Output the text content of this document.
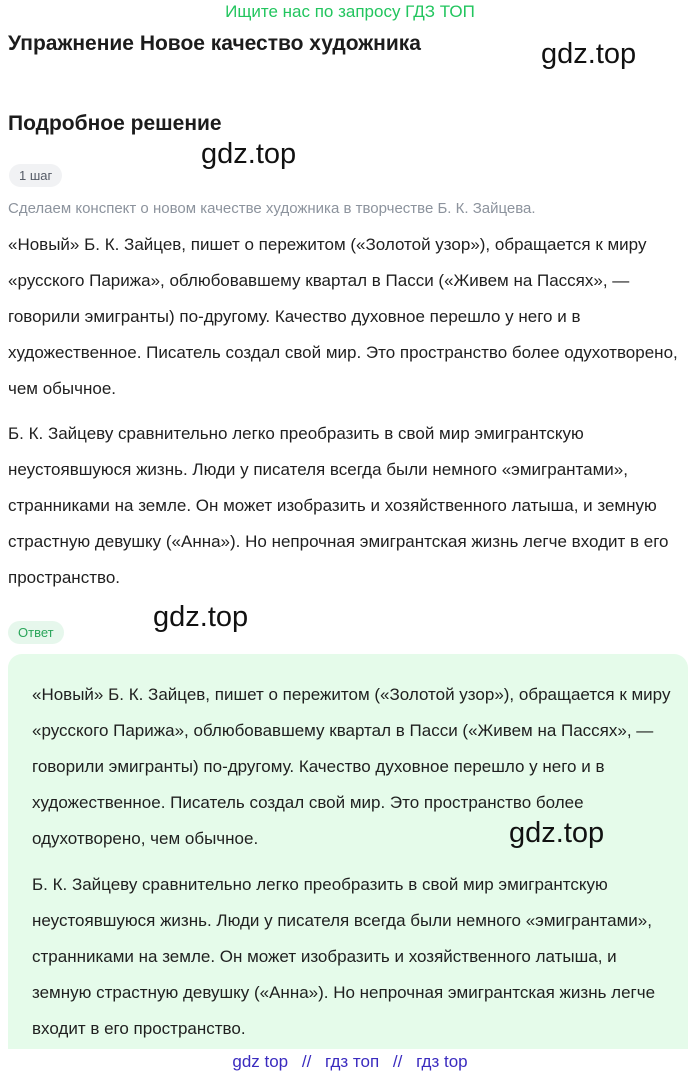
Ищите нас по запросу ГДЗ ТОП
Упражнение Новое качество художника	gdz.top
Подробное решение
gdz.top
1 шаг
Сделаем конспект о новом качестве художника в творчестве Б. К. Зайцева.

«Новый» Б. К. Зайцев, пишет о пережитом («Золотой узор»), обращается к миру «русского Парижа», облюбовавшему квартал в Пасси («Живем на Пассях», — говорили эмигранты) по-другому. Качество духовное перешло у него и в художественное. Писатель создал свой мир. Это пространство более одухотворено, чем обычное.

Б. К. Зайцеву сравнительно легко преобразить в свой мир эмигрантскую неустоявшуюся жизнь. Люди у писателя всегда были немного «эмигрантами», странниками на земле. Он может изобразить и хозяйственного латыша, и земную страстную девушку («Анна»). Но непрочная эмигрантская жизнь легче входит в его пространство.

Ответ	gdz.top

«Новый» Б. К. Зайцев, пишет о пережитом («Золотой узор»), обращается к миру «русского Парижа», облюбовавшему квартал в Пасси («Живем на Пассях», — говорили эмигранты) по-другому. Качество духовное перешло у него и в художественное. Писатель создал свой мир. Это пространство более одухотворено, чем обычное.	gdz.top

Б. К. Зайцеву сравнительно легко преобразить в свой мир эмигрантскую неустоявшуюся жизнь. Люди у писателя всегда были немного «эмигрантами», странниками на земле. Он может изобразить и хозяйственного латыша, и земную страстную девушку («Анна»). Но непрочная эмигрантская жизнь легче входит в его пространство.

gdz top // гдз топ // гдз top
